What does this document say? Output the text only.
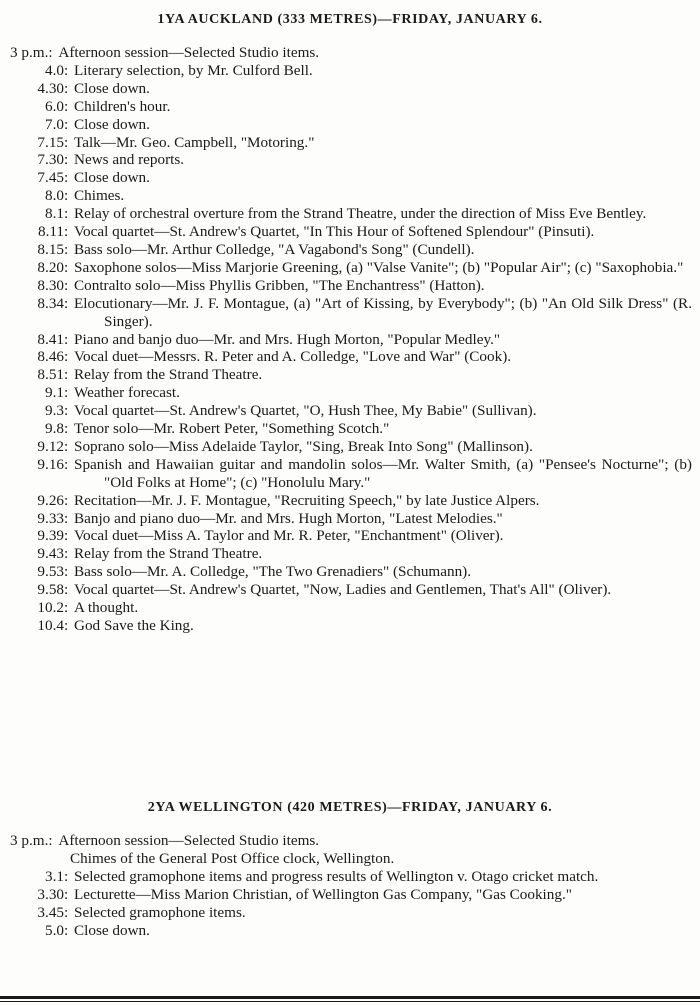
1YA AUCKLAND (333 METRES)—FRIDAY, JANUARY 6.
3 p.m. : Afternoon session—Selected Studio items.
4.0 : Literary selection, by Mr. Culford Bell.
4.30 : Close down.
6.0 : Children's hour.
7.0 : Close down.
7.15 : Talk—Mr. Geo. Campbell, "Motoring."
7.30 : News and reports.
7.45 : Close down.
8.0 : Chimes.
8.1 : Relay of orchestral overture from the Strand Theatre, under the direction of Miss Eve Bentley.
8.11 : Vocal quartet—St. Andrew's Quartet, "In This Hour of Softened Splendour" (Pinsuti).
8.15 : Bass solo—Mr. Arthur Colledge, "A Vagabond's Song" (Cundell).
8.20 : Saxophone solos—Miss Marjorie Greening, (a) "Valse Vanite"; (b) "Popular Air"; (c) "Saxophobia."
8.30 : Contralto solo—Miss Phyllis Gribben, "The Enchantress" (Hatton).
8.34 : Elocutionary—Mr. J. F. Montague, (a) "Art of Kissing, by Everybody"; (b) "An Old Silk Dress" (R. Singer).
8.41 : Piano and banjo duo—Mr. and Mrs. Hugh Morton, "Popular Medley."
8.46 : Vocal duet—Messrs. R. Peter and A. Colledge, "Love and War" (Cook).
8.51 : Relay from the Strand Theatre.
9.1 : Weather forecast.
9.3 : Vocal quartet—St. Andrew's Quartet, "O, Hush Thee, My Babie" (Sullivan).
9.8 : Tenor solo—Mr. Robert Peter, "Something Scotch."
9.12 : Soprano solo—Miss Adelaide Taylor, "Sing, Break Into Song" (Mallinson).
9.16 : Spanish and Hawaiian guitar and mandolin solos—Mr. Walter Smith, (a) "Pensee's Nocturne"; (b) "Old Folks at Home"; (c) "Honolulu Mary."
9.26 : Recitation—Mr. J. F. Montague, "Recruiting Speech," by late Justice Alpers.
9.33 : Banjo and piano duo—Mr. and Mrs. Hugh Morton, "Latest Melodies."
9.39 : Vocal duet—Miss A. Taylor and Mr. R. Peter, "Enchantment" (Oliver).
9.43 : Relay from the Strand Theatre.
9.53 : Bass solo—Mr. A. Colledge, "The Two Grenadiers" (Schumann).
9.58 : Vocal quartet—St. Andrew's Quartet, "Now, Ladies and Gentlemen, That's All" (Oliver).
10.2 : A thought.
10.4 : God Save the King.
2YA WELLINGTON (420 METRES)—FRIDAY, JANUARY 6.
3 p.m. : Afternoon session—Selected Studio items.
Chimes of the General Post Office clock, Wellington.
3.1 : Selected gramophone items and progress results of Wellington v. Otago cricket match.
3.30 : Lecturette—Miss Marion Christian, of Wellington Gas Company, "Gas Cooking."
3.45 : Selected gramophone items.
5.0 : Close down.
